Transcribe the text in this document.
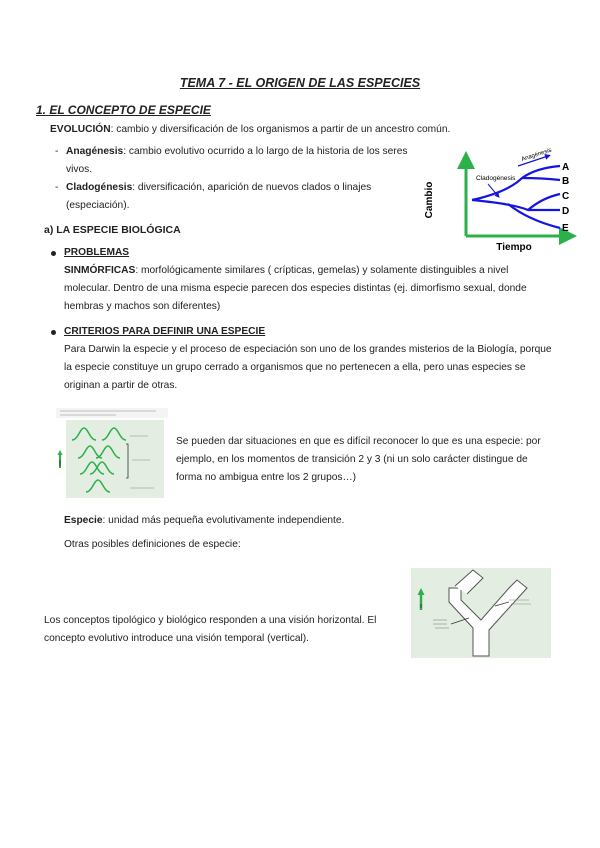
TEMA 7 - EL ORIGEN DE LAS ESPECIES
1. EL CONCEPTO DE ESPECIE
EVOLUCIÓN: cambio y diversificación de los organismos a partir de un ancestro común.
- Anagénesis: cambio evolutivo ocurrido a lo largo de la historia de los seres
vivos.
- Cladogénesis: diversificación, aparición de nuevos clados o linajes
(especiación).	Cambio
Tiempo
Cladogénesis
Anagénesis
A
B
C
D
E
a) LA ESPECIE BIOLÓGICA
PROBLEMAS
SINMÓRFICAS: morfológicamente similares ( crípticas, gemelas) y solamente distinguibles a nivel
molecular. Dentro de una misma especie parecen dos especies distintas (ej. dimorfismo sexual, donde
hembras y machos son diferentes)
CRITERIOS PARA DEFINIR UNA ESPECIE
Para Darwin la especie y el proceso de especiación son uno de los grandes misterios de la Biología, porque
la especie constituye un grupo cerrado a organismos que no pertenecen a ella, pero unas especies se
originan a partir de otras.
Se pueden dar situaciones en que es difícil reconocer lo que es una especie: por
ejemplo, en los momentos de transición 2 y 3 (ni un solo carácter distingue de
forma no ambigua entre los 2 grupos…)
Especie: unidad más pequeña evolutivamente independiente.
Otras posibles definiciones de especie:
Los conceptos tipológico y biológico responden a una visión horizontal. El
concepto evolutivo introduce una visión temporal (vertical).
